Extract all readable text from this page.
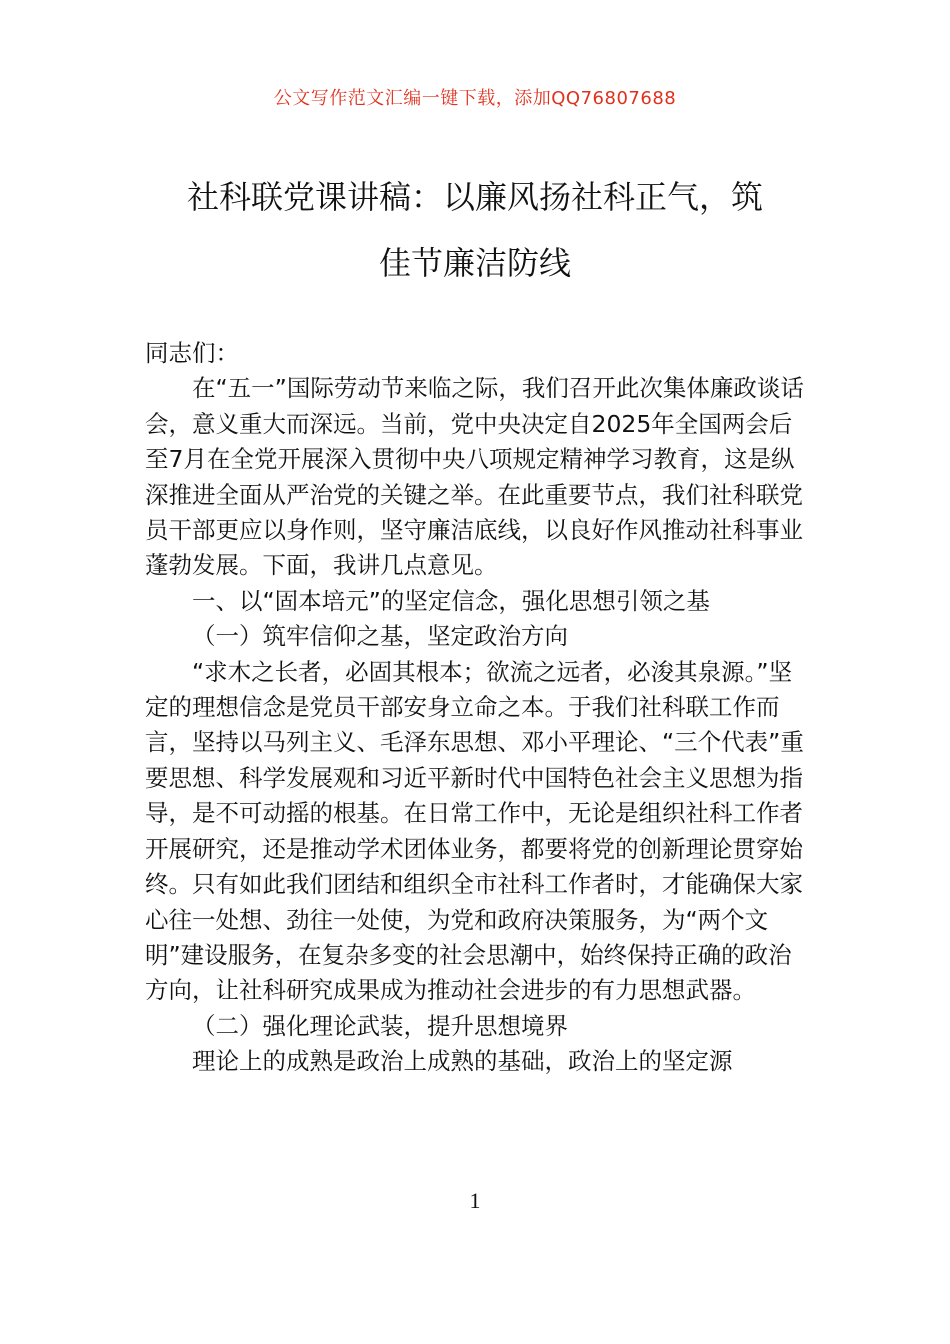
公文写作范文汇编一键下载，添加QQ76807688
社科联党课讲稿：以廉风扬社科正气，筑
佳节廉洁防线

同志们：

在“五一”国际劳动节来临之际，我们召开此次集体廉政谈话会，意义重大而深远。当前，党中央决定自2025年全国两会后至7月在全党开展深入贯彻中央八项规定精神学习教育，这是纵深推进全面从严治党的关键之举。在此重要节点，我们社科联党员干部更应以身作则，坚守廉洁底线，以良好作风推动社科事业蓬勃发展。下面，我讲几点意见。

一、以“固本培元”的坚定信念，强化思想引领之基

（一）筑牢信仰之基，坚定政治方向

“求木之长者，必固其根本；欲流之远者，必浚其泉源。”坚定的理想信念是党员干部安身立命之本。于我们社科联工作而言，坚持以马列主义、毛泽东思想、邓小平理论、“三个代表”重要思想、科学发展观和习近平新时代中国特色社会主义思想为指导，是不可动摇的根基。在日常工作中，无论是组织社科工作者开展研究，还是推动学术团体业务，都要将党的创新理论贯穿始终。只有如此我们团结和组织全市社科工作者时，才能确保大家心往一处想、劲往一处使，为党和政府决策服务，为“两个文明”建设服务，在复杂多变的社会思潮中，始终保持正确的政治方向，让社科研究成果成为推动社会进步的有力思想武器。

（二）强化理论武装，提升思想境界

理论上的成熟是政治上成熟的基础，政治上的坚定源

1
